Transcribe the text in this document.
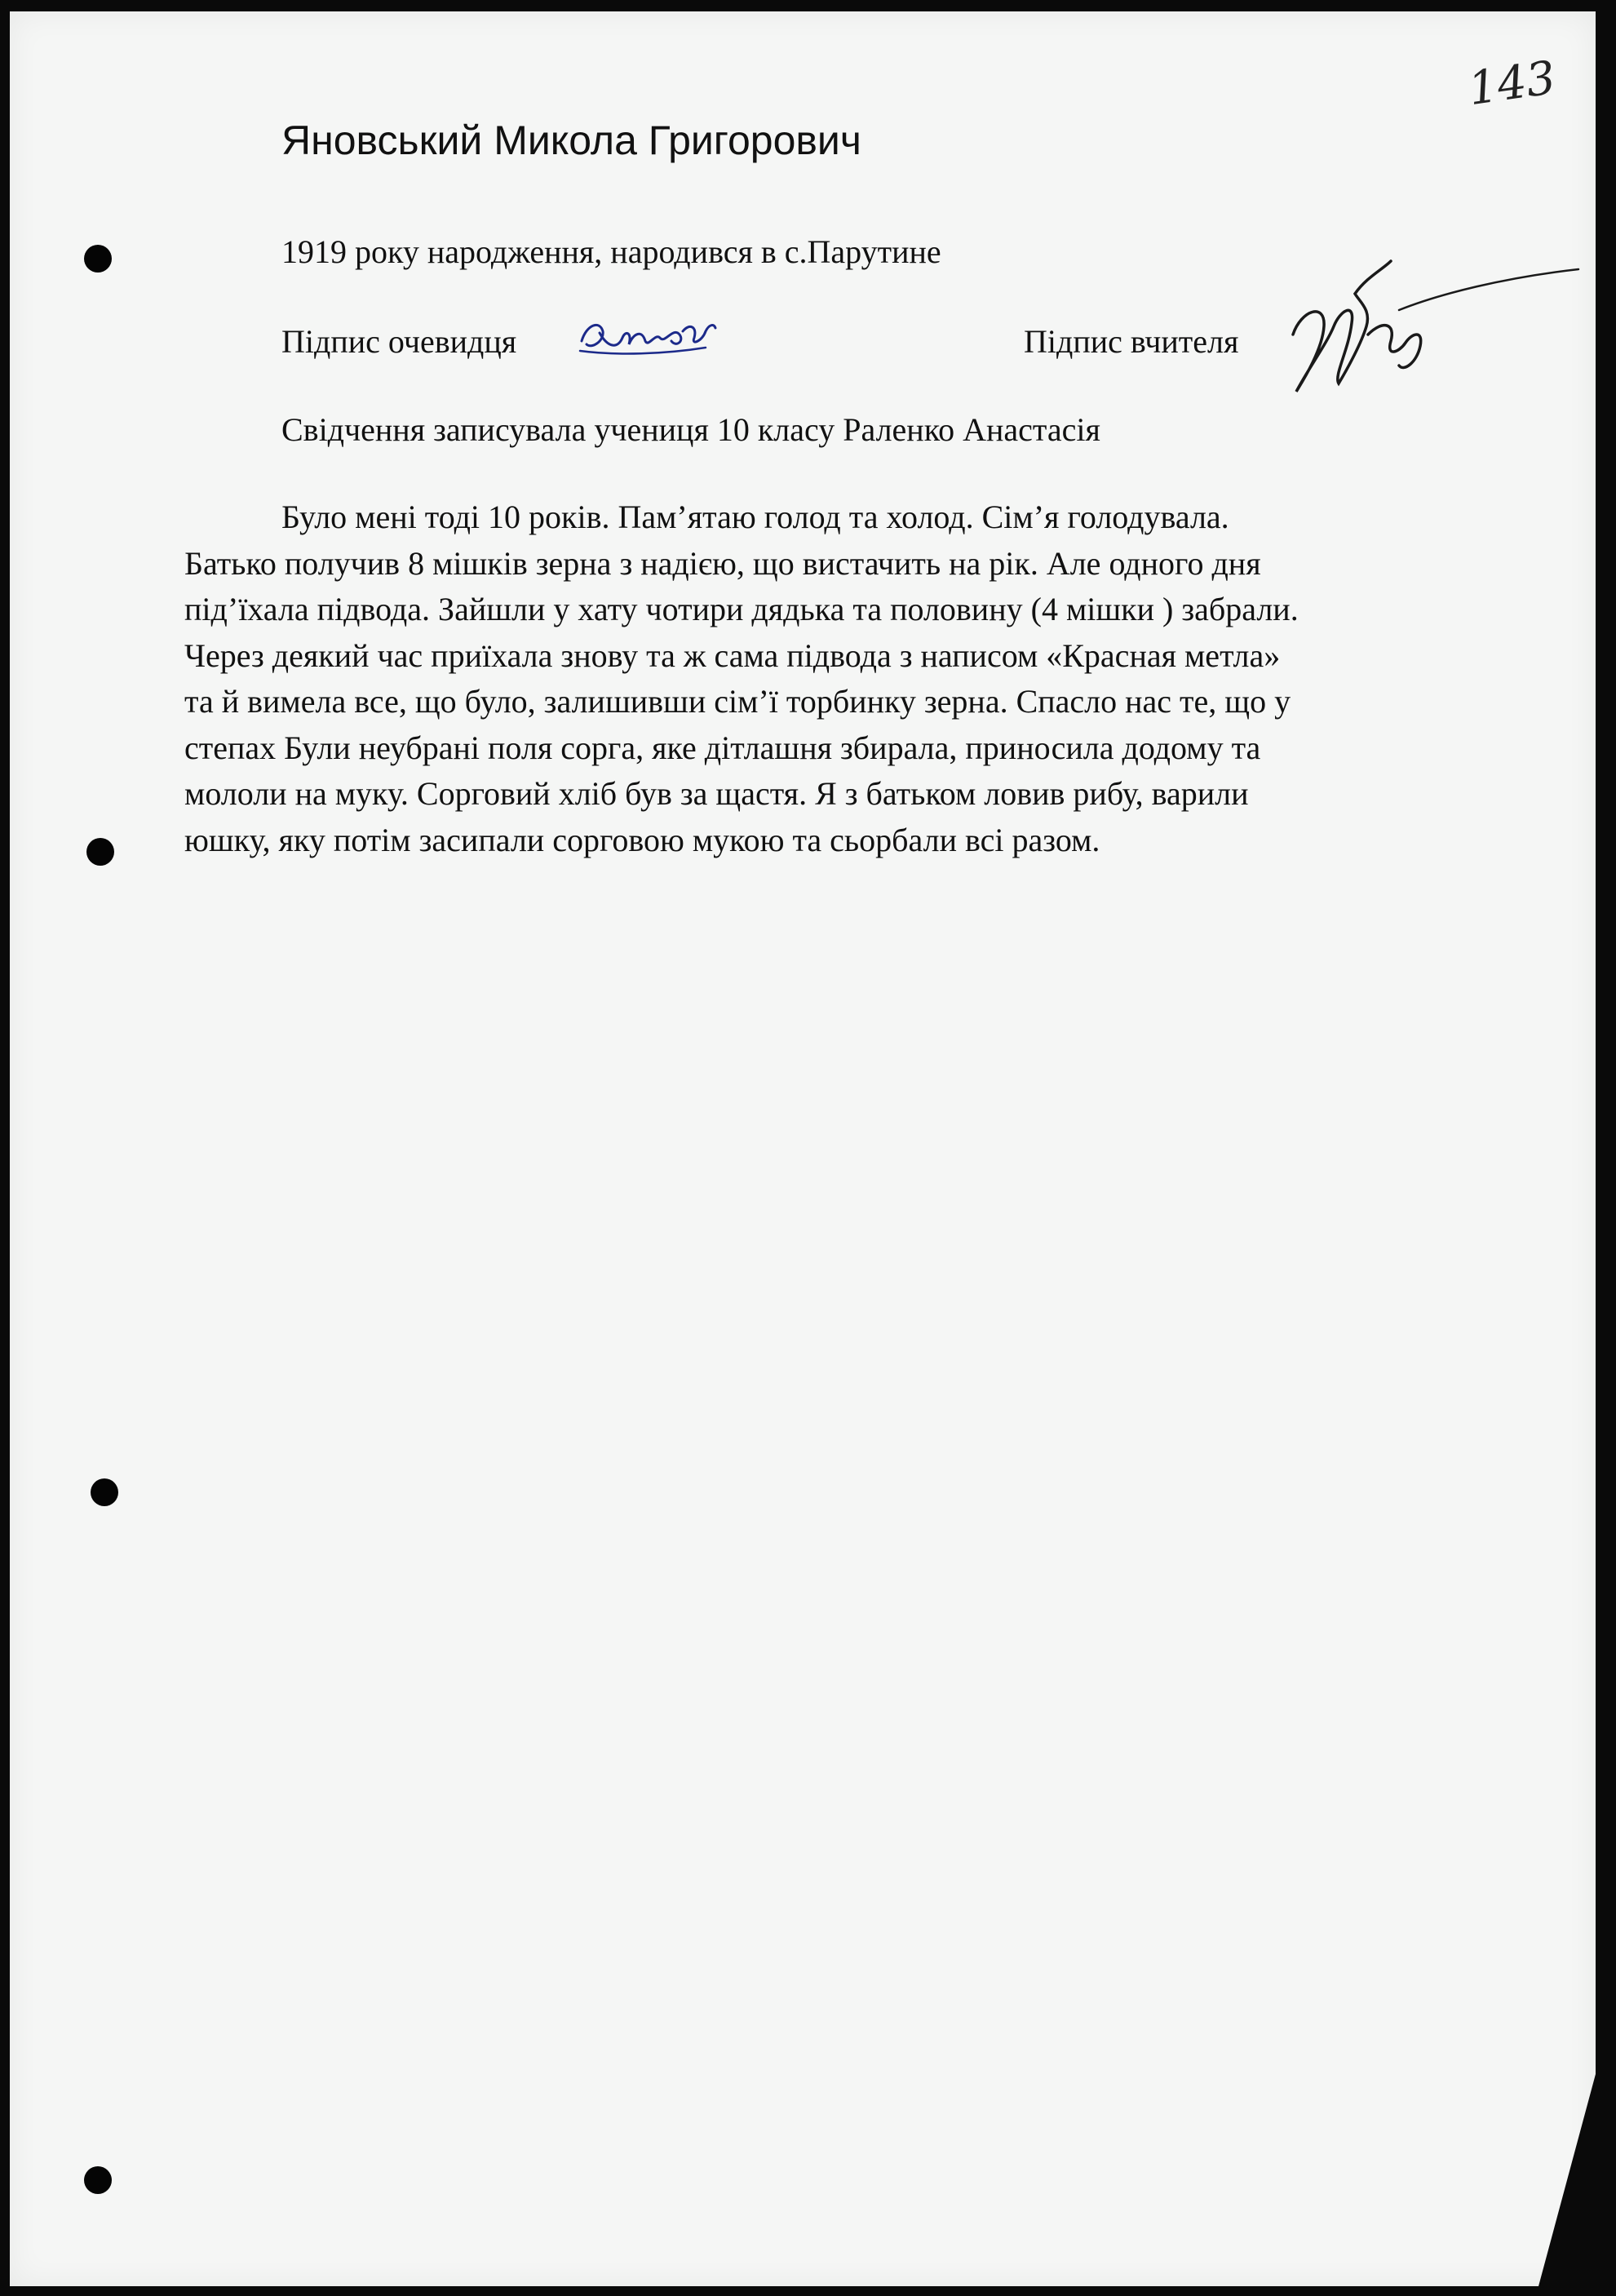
143
Яновський Микола Григорович
1919 року народження, народився в с.Парутине
Підпис очевидця	Підпис вчителя
Свідчення записувала учениця 10 класу Раленко Анастасія
Було мені тоді 10 років. Пам’ятаю голод та холод. Сім’я голодувала.
Батько получив 8 мішків зерна з надією, що вистачить на рік. Але одного дня
під’їхала підвода. Зайшли у хату чотири дядька та половину (4 мішки ) забрали.
Через деякий час приїхала знову та ж сама підвода з написом «Красная метла»
та й вимела все, що було, залишивши сім’ї торбинку зерна. Спасло нас те, що у
степах Були неубрані поля сорга, яке дітлашня збирала, приносила додому та
мололи на муку. Сорговий хліб був за щастя. Я з батьком ловив рибу, варили
юшку, яку потім засипали сорговою мукою та сьорбали всі разом.
